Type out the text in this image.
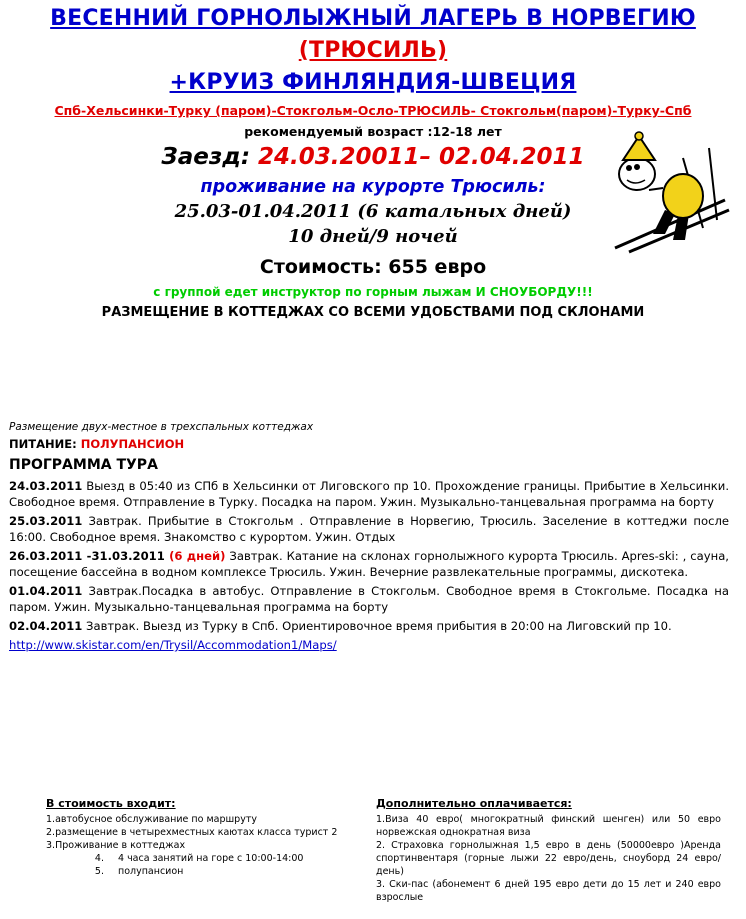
ВЕСЕННИЙ ГОРНОЛЫЖНЫЙ ЛАГЕРЬ В НОРВЕГИЮ
(ТРЮСИЛЬ)
+КРУИЗ ФИНЛЯНДИЯ-ШВЕЦИЯ
Спб-Хельсинки-Турку (паром)-Стокгольм-Осло-ТРЮСИЛЬ- Стокгольм(паром)-Турку-Спб
рекомендуемый возраст :12-18 лет
Заезд: 24.03.20011– 02.04.2011
проживание на курорте Трюсиль:
25.03-01.04.2011 (6 катальных дней)
10 дней/9 ночей
Стоимость: 655 евро
с группой едет инструктор по горным лыжам И СНОУБОРДУ!!!
РАЗМЕЩЕНИЕ В КОТТЕДЖАХ СО ВСЕМИ УДОБСТВАМИ ПОД СКЛОНАМИ
Размещение двух-местное в трехспальных коттеджах
ПИТАНИЕ: ПОЛУПАНСИОН
ПРОГРАММА ТУРА

24.03.2011 Выезд в 05:40 из СПб в Хельсинки от Лиговского пр 10. Прохождение границы. Прибытие в Хельсинки. Свободное время. Отправление в Турку. Посадка на паром. Ужин. Музыкально-танцевальная программа на борту

25.03.2011 Завтрак. Прибытие в Стокгольм . Отправление в Норвегию, Трюсиль. Заселение в коттеджи после 16:00. Свободное время. Знакомство с курортом. Ужин. Отдых

26.03.2011 -31.03.2011 (6 дней) Завтрак. Катание на склонах горнолыжного курорта Трюсиль. Apres-ski: , сауна, посещение бассейна в водном комплексе Трюсиль. Ужин. Вечерние развлекательные программы, дискотека.

01.04.2011 Завтрак.Посадка в автобус. Отправление в Стокгольм. Свободное время в Стокгольме. Посадка на паром. Ужин. Музыкально-танцевальная программа на борту

02.04.2011 Завтрак. Выезд из Турку в Спб. Ориентировочное время прибытия в 20:00 на Лиговский пр 10.

http://www.skistar.com/en/Trysil/Accommodation1/Maps/
В стоимость входит:
1.автобусное обслуживание по маршруту
2.размещение в четырехместных каютах класса турист 2
3.Проживание в коттеджах
4.	4 часа занятий на горе с 10:00-14:00
5.	полупансион
Дополнительно оплачивается:
1.Виза 40 евро( многократный финский шенген) или 50 евро норвежская однократная виза
2. Страховка горнолыжная 1,5 евро в день (50000евро )Аренда спортинвентаря (горные лыжи 22 евро/день, сноуборд 24 евро/день)
3. Ски-пас (абонемент 6 дней 195 евро дети до 15 лет и 240 евро взрослые
